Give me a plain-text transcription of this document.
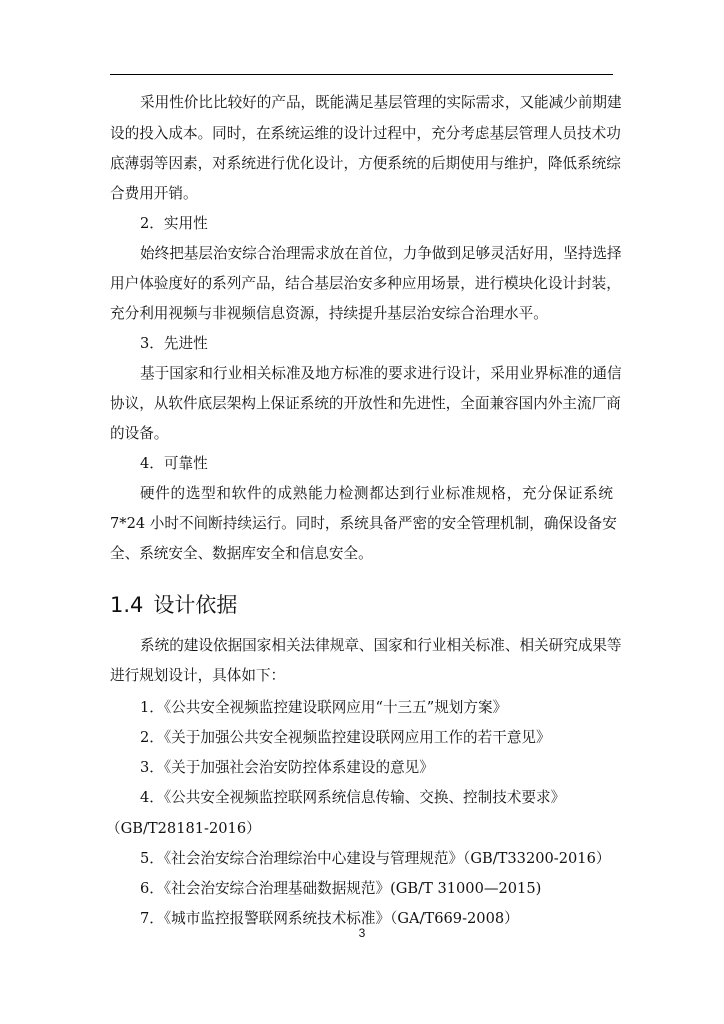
采用性价比比较好的产品，既能满足基层管理的实际需求，又能减少前期建
设的投入成本。同时，在系统运维的设计过程中，充分考虑基层管理人员技术功
底薄弱等因素，对系统进行优化设计，方便系统的后期使用与维护，降低系统综
合费用开销。
2．实用性
始终把基层治安综合治理需求放在首位，力争做到足够灵活好用，坚持选择
用户体验度好的系列产品，结合基层治安多种应用场景，进行模块化设计封装，
充分利用视频与非视频信息资源，持续提升基层治安综合治理水平。
3．先进性
基于国家和行业相关标准及地方标准的要求进行设计，采用业界标准的通信
协议，从软件底层架构上保证系统的开放性和先进性，全面兼容国内外主流厂商
的设备。
4．可靠性
硬件的选型和软件的成熟能力检测都达到行业标准规格，充分保证系统
7*24 小时不间断持续运行。同时，系统具备严密的安全管理机制，确保设备安
全、系统安全、数据库安全和信息安全。
1.4 设计依据
系统的建设依据国家相关法律规章、国家和行业相关标准、相关研究成果等
进行规划设计，具体如下：
1．《公共安全视频监控建设联网应用“十三五”规划方案》
2．《关于加强公共安全视频监控建设联网应用工作的若干意见》
3．《关于加强社会治安防控体系建设的意见》
4．《公共安全视频监控联网系统信息传输、交换、控制技术要求》
（GB/T28181-2016）
5．《社会治安综合治理综治中心建设与管理规范》（GB/T33200-2016）
6．《社会治安综合治理基础数据规范》(GB/T 31000—2015)
7．《城市监控报警联网系统技术标准》（GA/T669-2008）
3
